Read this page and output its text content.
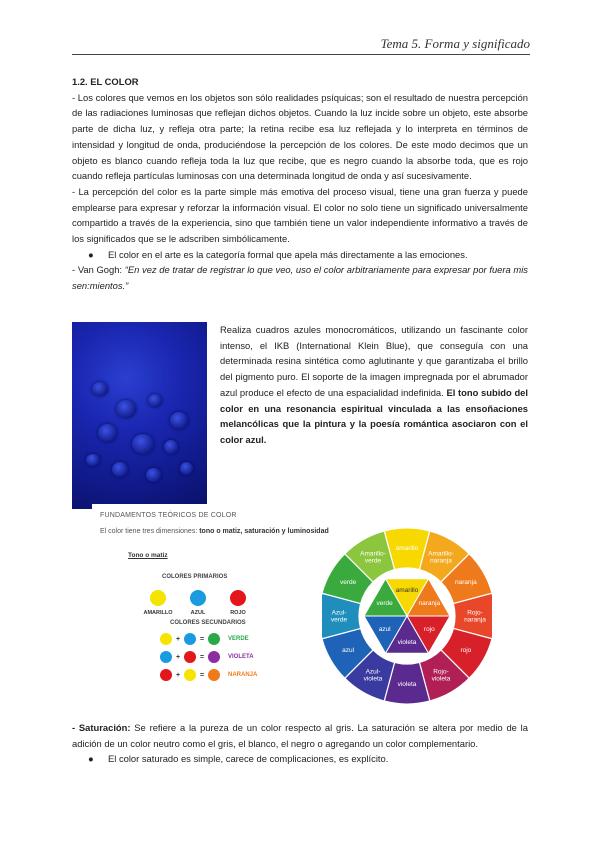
Tema 5. Forma y significado

1.2. EL COLOR

- Los colores que vemos en los objetos son sólo realidades psíquicas; son el resultado de nuestra percepción de las radiaciones luminosas que reflejan dichos objetos. Cuando la luz incide sobre un objeto, este absorbe parte de dicha luz, y refleja otra parte; la retina recibe esa luz reflejada y lo interpreta en términos de intensidad y longitud de onda, produciéndose la percepción de los colores. De este modo decimos que un objeto es blanco cuando refleja toda la luz que recibe, que es negro cuando la absorbe toda, que es rojo cuando refleja partículas luminosas con una determinada longitud de onda y así sucesivamente.

- La percepción del color es la parte simple más emotiva del proceso visual, tiene una gran fuerza y puede emplearse para expresar y reforzar la información visual. El color no solo tiene un significado universalmente compartido a través de la experiencia, sino que también tiene un valor independiente informativo a través de los significados que se le adscriben simbólicamente.

●	El color en el arte es la categoría formal que apela más directamente a las emociones.

- Van Gogh: “En vez de tratar de registrar lo que veo, uso el color arbitrariamente para expresar por fuera mis sen:mientos.”

Realiza cuadros azules monocromáticos, utilizando un fascinante color intenso, el IKB (International Klein Blue), que conseguía con una determinada resina sintética como aglutinante y que garantizaba el brillo del pigmento puro. El soporte de la imagen impregnada por el abrumador azul produce el efecto de una espacialidad indefinida. El tono subido del color en una resonancia espiritual vinculada a las ensoñaciones melancólicas que la pintura y la poesía romántica asociaron con el color azul.
FUNDAMENTOS TEÓRICOS DE COLOR
El color tiene tres dimensiones: tono o matiz, saturación y luminosidad
Tono o matiz
COLORES PRIMARIOS
AMARILLO	AZUL	ROJO
COLORES SECUNDARIOS
+	=	VERDE
+	=	VIOLETA
+	=	NARANJA
amarillo
Amarillo-naranja
naranja
Rojo-naranja
rojo
Rojo-violeta
violeta
Azul-violeta
azul
Azul-verde
verde
Amarillo-verde
amarillo
naranja
rojo
violeta
azul
verde

- Saturación: Se refiere a la pureza de un color respecto al gris. La saturación se altera por medio de la adición de un color neutro como el gris, el blanco, el negro o agregando un color complementario.

●	El color saturado es simple, carece de complicaciones, es explícito.
